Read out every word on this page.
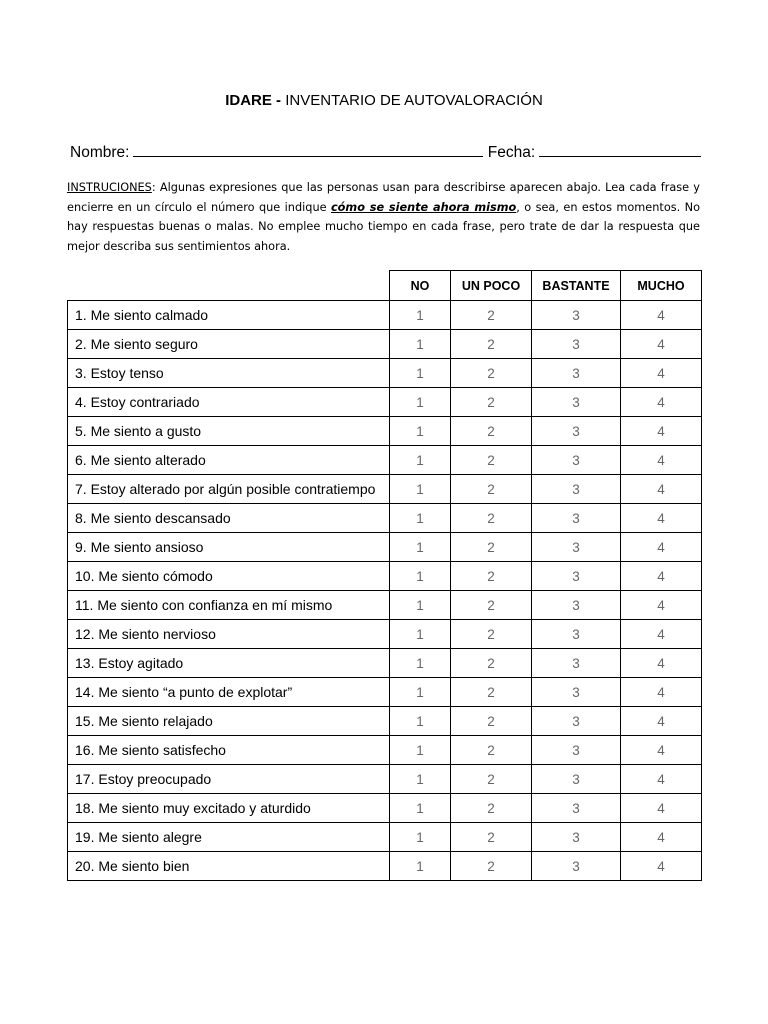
IDARE - INVENTARIO DE AUTOVALORACIÓN
Nombre:	Fecha:
INSTRUCIONES: Algunas expresiones que las personas usan para describirse aparecen abajo. Lea cada frase y encierre en un círculo el número que indique cómo se siente ahora mismo, o sea, en estos momentos. No hay respuestas buenas o malas. No emplee mucho tiempo en cada frase, pero trate de dar la respuesta que mejor describa sus sentimientos ahora.
	NO	UN POCO	BASTANTE	MUCHO
1. Me siento calmado	1	2	3	4
2. Me siento seguro	1	2	3	4
3. Estoy tenso	1	2	3	4
4. Estoy contrariado	1	2	3	4
5. Me siento a gusto	1	2	3	4
6. Me siento alterado	1	2	3	4
7. Estoy alterado por algún posible contratiempo	1	2	3	4
8. Me siento descansado	1	2	3	4
9. Me siento ansioso	1	2	3	4
10. Me siento cómodo	1	2	3	4
11. Me siento con confianza en mí mismo	1	2	3	4
12. Me siento nervioso	1	2	3	4
13. Estoy agitado	1	2	3	4
14. Me siento “a punto de explotar”	1	2	3	4
15. Me siento relajado	1	2	3	4
16. Me siento satisfecho	1	2	3	4
17. Estoy preocupado	1	2	3	4
18. Me siento muy excitado y aturdido	1	2	3	4
19. Me siento alegre	1	2	3	4
20. Me siento bien	1	2	3	4
